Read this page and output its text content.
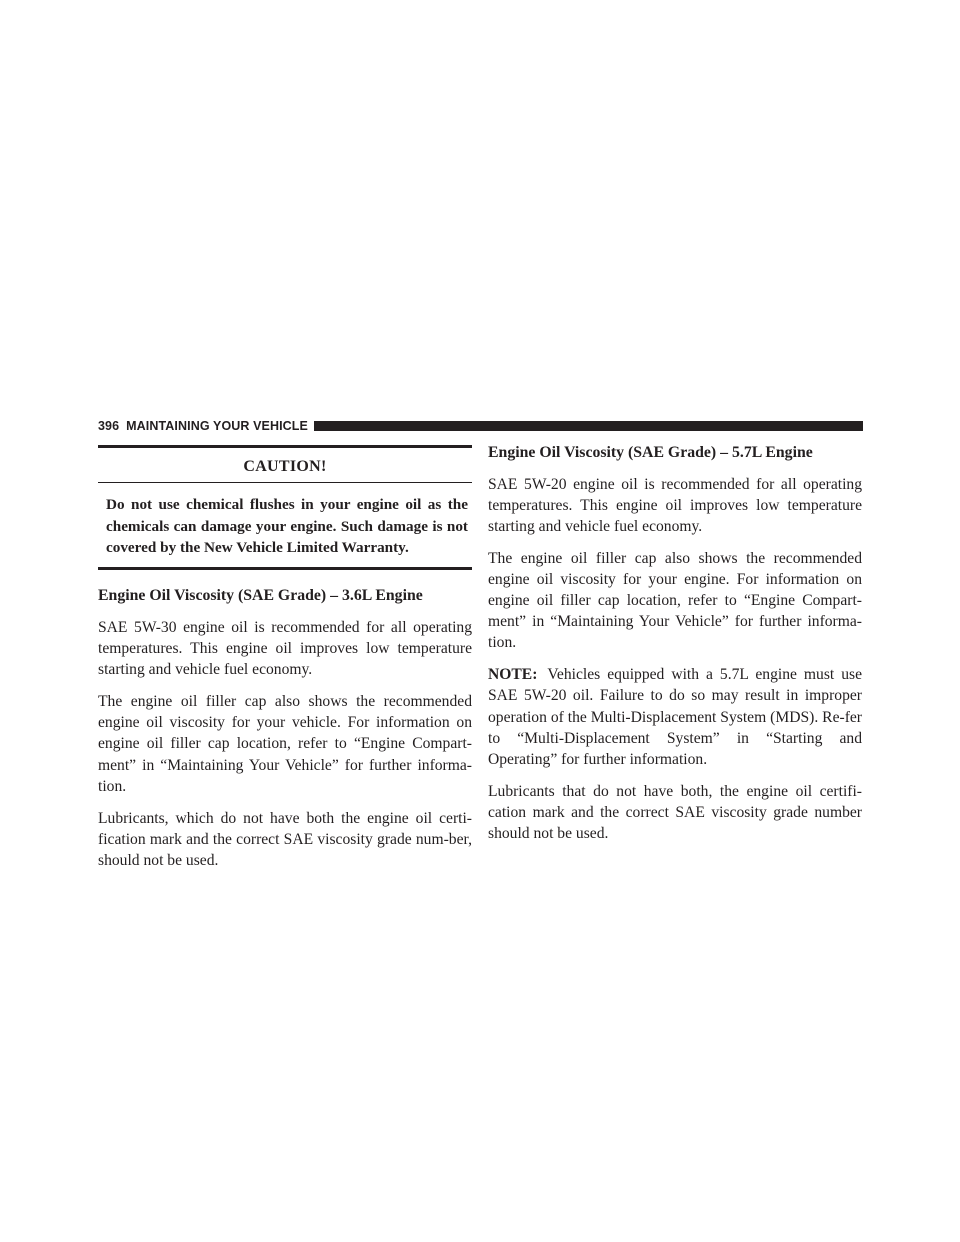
396 MAINTAINING YOUR VEHICLE
CAUTION!
Do not use chemical flushes in your engine oil as the chemicals can damage your engine. Such damage is not covered by the New Vehicle Limited Warranty.

Engine Oil Viscosity (SAE Grade) – 3.6L Engine

SAE 5W-30 engine oil is recommended for all operating temperatures. This engine oil improves low temperature starting and vehicle fuel economy.

The engine oil filler cap also shows the recommended engine oil viscosity for your vehicle. For information on engine oil filler cap location, refer to “Engine Compart-ment” in “Maintaining Your Vehicle” for further informa-tion.

Lubricants, which do not have both the engine oil certi-fication mark and the correct SAE viscosity grade num-ber, should not be used.

Engine Oil Viscosity (SAE Grade) – 5.7L Engine

SAE 5W-20 engine oil is recommended for all operating temperatures. This engine oil improves low temperature starting and vehicle fuel economy.

The engine oil filler cap also shows the recommended engine oil viscosity for your engine. For information on engine oil filler cap location, refer to “Engine Compart-ment” in “Maintaining Your Vehicle” for further informa-tion.

NOTE: Vehicles equipped with a 5.7L engine must use SAE 5W-20 oil. Failure to do so may result in improper operation of the Multi-Displacement System (MDS). Re-fer to “Multi-Displacement System” in “Starting and Operating” for further information.

Lubricants that do not have both, the engine oil certifi-cation mark and the correct SAE viscosity grade number should not be used.
